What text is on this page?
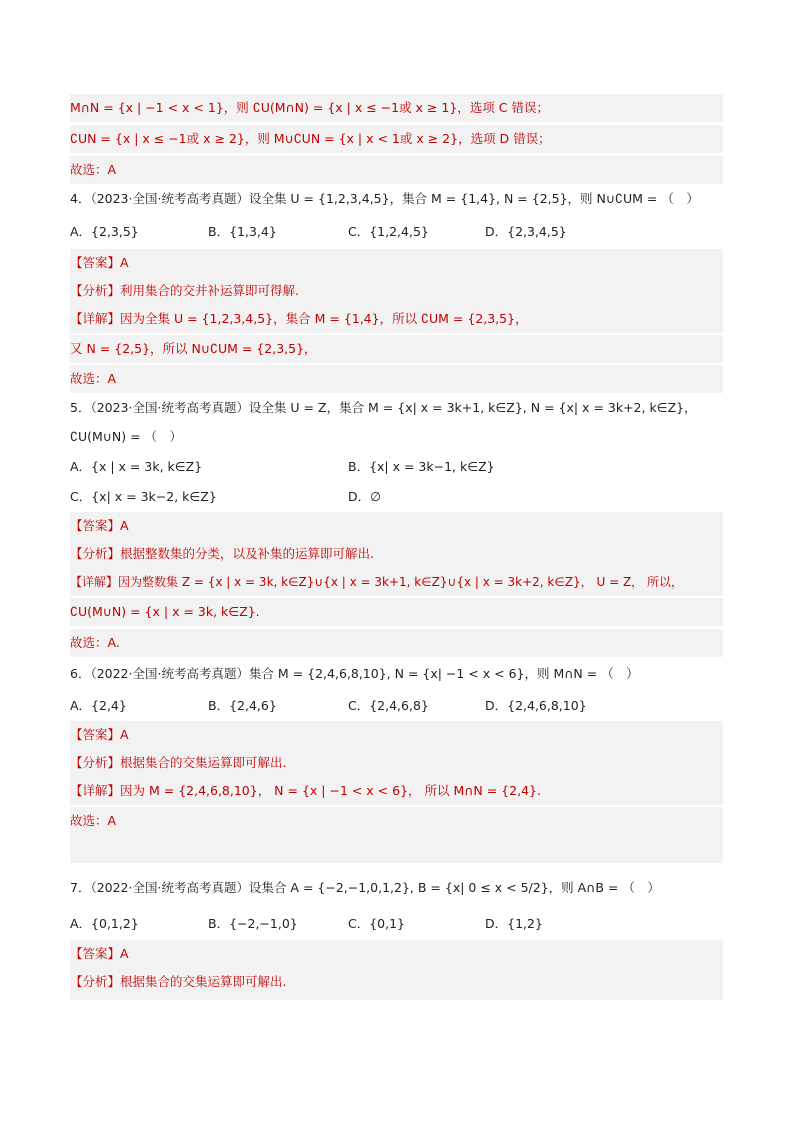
M∩N = {x | −1 < x < 1}，则 ∁U(M∩N) = {x | x ≤ −1或 x ≥ 1}，选项 C 错误；
∁UN = {x | x ≤ −1或 x ≥ 2}，则 M∪∁UN = {x | x < 1或 x ≥ 2}，选项 D 错误；
故选：A
4．（2023·全国·统考高考真题）设全集 U = {1,2,3,4,5}，集合 M = {1,4}, N = {2,5}，则 N∪∁UM = （　）
A．{2,3,5}	B．{1,3,4}	C．{1,2,4,5}	D．{2,3,4,5}
【答案】A
【分析】利用集合的交并补运算即可得解.
【详解】因为全集 U = {1,2,3,4,5}，集合 M = {1,4}，所以 ∁UM = {2,3,5}，
又 N = {2,5}，所以 N∪∁UM = {2,3,5}，
故选：A
5．（2023·全国·统考高考真题）设全集 U = Z，集合 M = {x| x = 3k+1, k∈Z}, N = {x| x = 3k+2, k∈Z}，
∁U(M∪N) = （　）
A．{x | x = 3k, k∈Z}	B．{x| x = 3k−1, k∈Z}
C．{x| x = 3k−2, k∈Z}	D．∅
【答案】A
【分析】根据整数集的分类，以及补集的运算即可解出.
【详解】因为整数集 Z = {x | x = 3k, k∈Z}∪{x | x = 3k+1, k∈Z}∪{x | x = 3k+2, k∈Z}， U = Z， 所以，
∁U(M∪N) = {x | x = 3k, k∈Z}.
故选：A.
6．（2022·全国·统考高考真题）集合 M = {2,4,6,8,10}, N = {x| −1 < x < 6}，则 M∩N = （　）
A．{2,4}	B．{2,4,6}	C．{2,4,6,8}	D．{2,4,6,8,10}
【答案】A
【分析】根据集合的交集运算即可解出.
【详解】因为 M = {2,4,6,8,10}， N = {x | −1 < x < 6}， 所以 M∩N = {2,4}.
故选：A
7．（2022·全国·统考高考真题）设集合 A = {−2,−1,0,1,2}, B = {x| 0 ≤ x < 5/2}，则 A∩B = （　）
A．{0,1,2}	B．{−2,−1,0}	C．{0,1}	D．{1,2}
【答案】A
【分析】根据集合的交集运算即可解出.
